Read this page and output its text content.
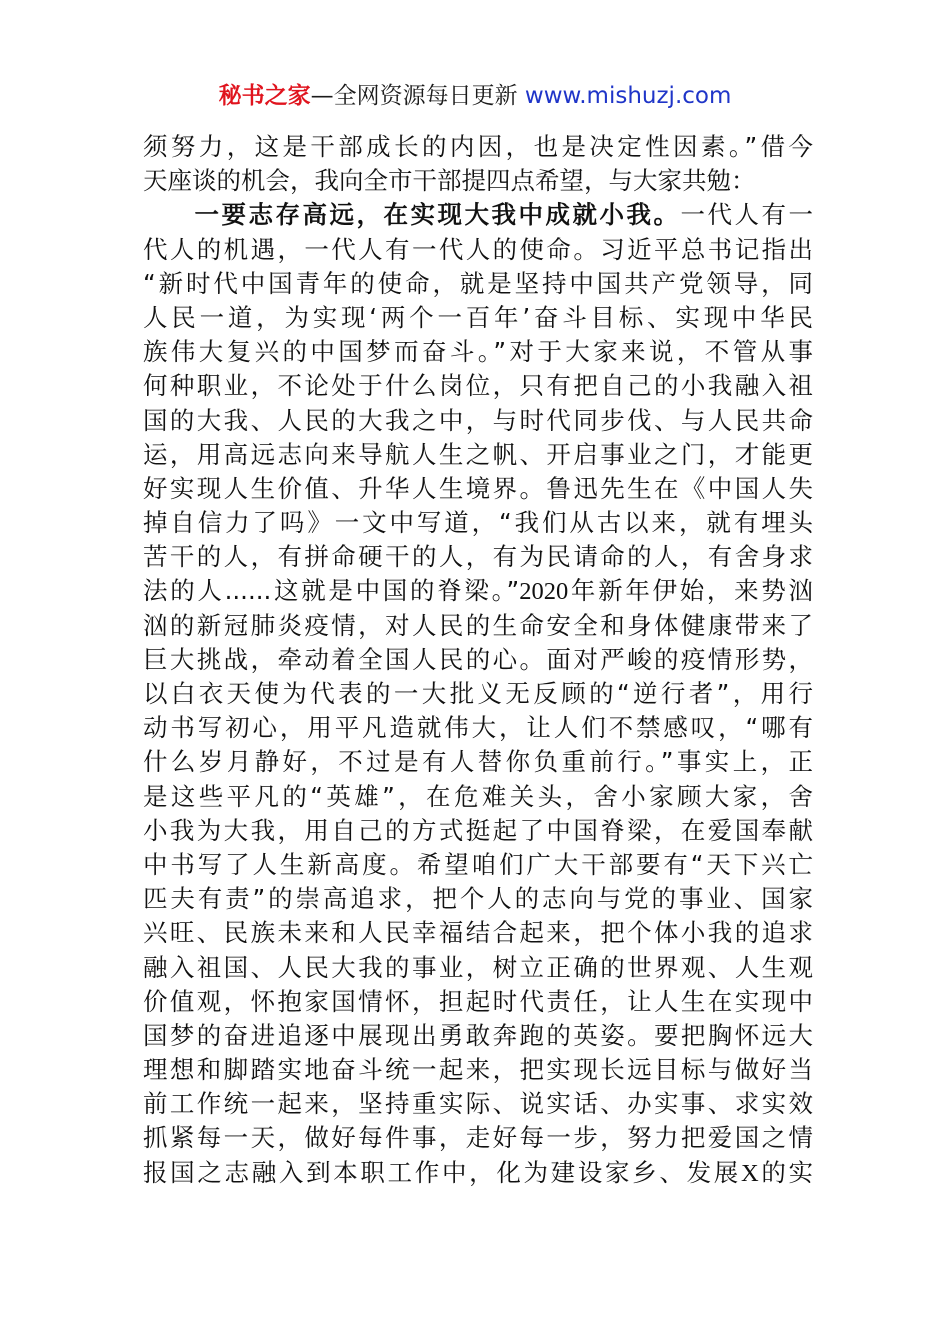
秘书之家—全网资源每日更新 www.mishuzj.com
须努力，这是干部成长的内因，也是决定性因素。”借今
天座谈的机会，我向全市干部提四点希望，与大家共勉：
一要志存高远，在实现大我中成就小我。一代人有一
代人的机遇，一代人有一代人的使命。习近平总书记指出
“新时代中国青年的使命，就是坚持中国共产党领导，同
人民一道，为实现‘两个一百年’奋斗目标、实现中华民
族伟大复兴的中国梦而奋斗。”对于大家来说，不管从事
何种职业，不论处于什么岗位，只有把自己的小我融入祖
国的大我、人民的大我之中，与时代同步伐、与人民共命
运，用高远志向来导航人生之帆、开启事业之门，才能更
好实现人生价值、升华人生境界。鲁迅先生在《中国人失
掉自信力了吗》一文中写道，“我们从古以来，就有埋头
苦干的人，有拼命硬干的人，有为民请命的人，有舍身求
法的人......这就是中国的脊梁。”2020年新年伊始，来势汹
汹的新冠肺炎疫情，对人民的生命安全和身体健康带来了
巨大挑战，牵动着全国人民的心。面对严峻的疫情形势，
以白衣天使为代表的一大批义无反顾的“逆行者”，用行
动书写初心，用平凡造就伟大，让人们不禁感叹，“哪有
什么岁月静好，不过是有人替你负重前行。”事实上，正
是这些平凡的“英雄”，在危难关头，舍小家顾大家，舍
小我为大我，用自己的方式挺起了中国脊梁，在爱国奉献
中书写了人生新高度。希望咱们广大干部要有“天下兴亡
匹夫有责”的崇高追求，把个人的志向与党的事业、国家
兴旺、民族未来和人民幸福结合起来，把个体小我的追求
融入祖国、人民大我的事业，树立正确的世界观、人生观
价值观，怀抱家国情怀，担起时代责任，让人生在实现中
国梦的奋进追逐中展现出勇敢奔跑的英姿。要把胸怀远大
理想和脚踏实地奋斗统一起来，把实现长远目标与做好当
前工作统一起来，坚持重实际、说实话、办实事、求实效
抓紧每一天，做好每件事，走好每一步，努力把爱国之情
报国之志融入到本职工作中，化为建设家乡、发展X的实
